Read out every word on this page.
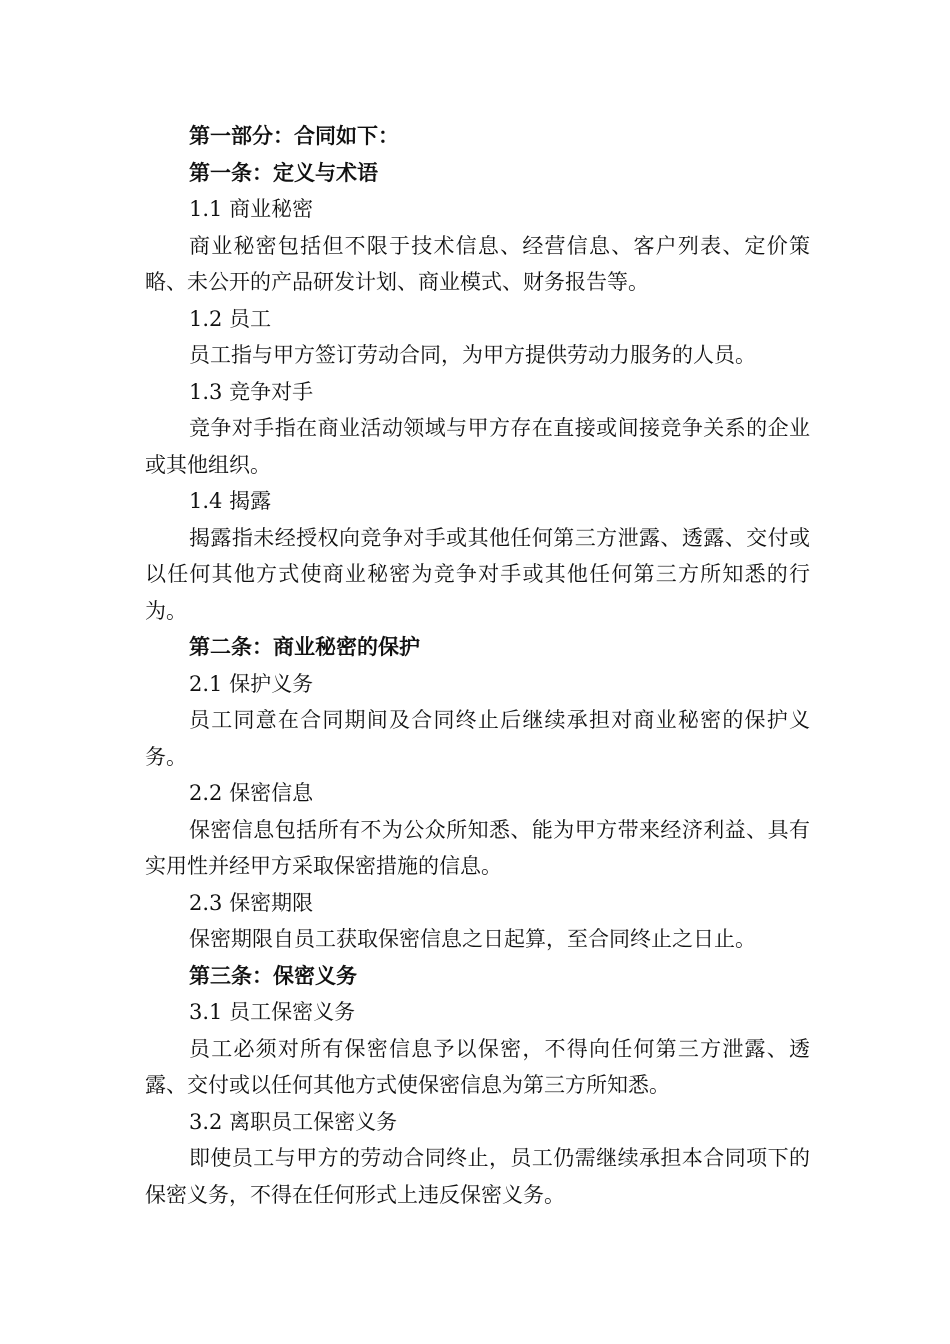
第一部分：合同如下：

第一条：定义与术语

1.1 商业秘密

商业秘密包括但不限于技术信息、经营信息、客户列表、定价策略、未公开的产品研发计划、商业模式、财务报告等。

1.2 员工

员工指与甲方签订劳动合同，为甲方提供劳动力服务的人员。

1.3 竞争对手

竞争对手指在商业活动领域与甲方存在直接或间接竞争关系的企业或其他组织。

1.4 揭露

揭露指未经授权向竞争对手或其他任何第三方泄露、透露、交付或以任何其他方式使商业秘密为竞争对手或其他任何第三方所知悉的行为。

第二条：商业秘密的保护

2.1 保护义务

员工同意在合同期间及合同终止后继续承担对商业秘密的保护义务。

2.2 保密信息

保密信息包括所有不为公众所知悉、能为甲方带来经济利益、具有实用性并经甲方采取保密措施的信息。

2.3 保密期限

保密期限自员工获取保密信息之日起算，至合同终止之日止。

第三条：保密义务

3.1 员工保密义务

员工必须对所有保密信息予以保密，不得向任何第三方泄露、透露、交付或以任何其他方式使保密信息为第三方所知悉。

3.2 离职员工保密义务

即使员工与甲方的劳动合同终止，员工仍需继续承担本合同项下的保密义务，不得在任何形式上违反保密义务。
